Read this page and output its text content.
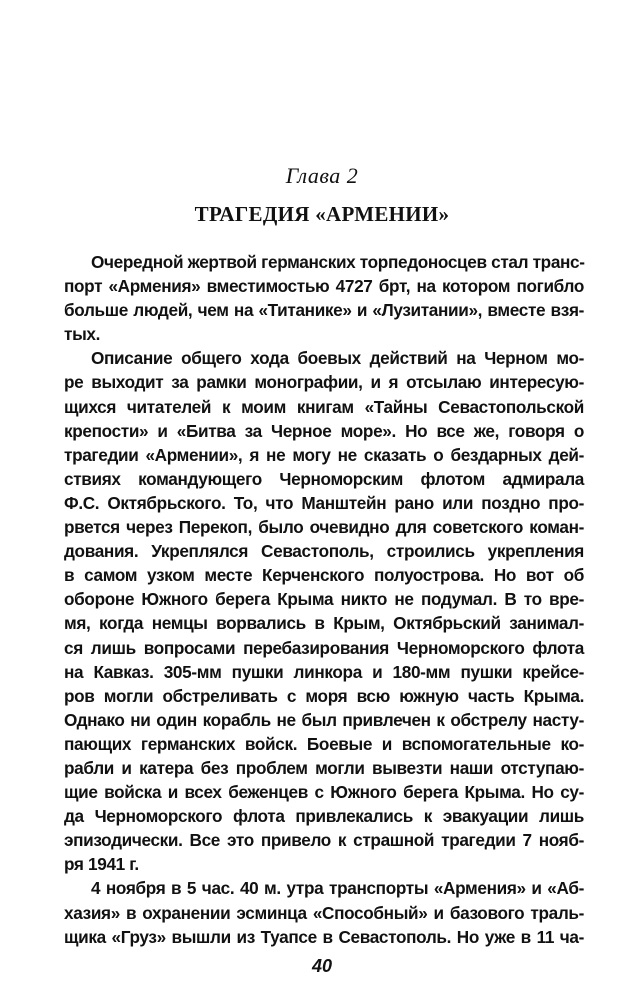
Глава 2
ТРАГЕДИЯ «АРМЕНИИ»
Очередной жертвой германских торпедоносцев стал транс-
порт «Армения» вместимостью 4727 брт, на котором погибло
больше людей, чем на «Титанике» и «Лузитании», вместе взя-
тых.
Описание общего хода боевых действий на Черном мо-
ре выходит за рамки монографии, и я отсылаю интересую-
щихся читателей к моим книгам «Тайны Севастопольской
крепости» и «Битва за Черное море». Но все же, говоря о
трагедии «Армении», я не могу не сказать о бездарных дей-
ствиях командующего Черноморским флотом адмирала
Ф.С. Октябрьского. То, что Манштейн рано или поздно про-
рвется через Перекоп, было очевидно для советского коман-
дования. Укреплялся Севастополь, строились укрепления
в самом узком месте Керченского полуострова. Но вот об
обороне Южного берега Крыма никто не подумал. В то вре-
мя, когда немцы ворвались в Крым, Октябрьский занимал-
ся лишь вопросами перебазирования Черноморского флота
на Кавказ. 305-мм пушки линкора и 180-мм пушки крейсе-
ров могли обстреливать с моря всю южную часть Крыма.
Однако ни один корабль не был привлечен к обстрелу насту-
пающих германских войск. Боевые и вспомогательные ко-
рабли и катера без проблем могли вывезти наши отступаю-
щие войска и всех беженцев с Южного берега Крыма. Но су-
да Черноморского флота привлекались к эвакуации лишь
эпизодически. Все это привело к страшной трагедии 7 нояб-
ря 1941 г.
4 ноября в 5 час. 40 м. утра транспорты «Армения» и «Аб-
хазия» в охранении эсминца «Способный» и базового траль-
щика «Груз» вышли из Туапсе в Севастополь. Но уже в 11 ча-
40
